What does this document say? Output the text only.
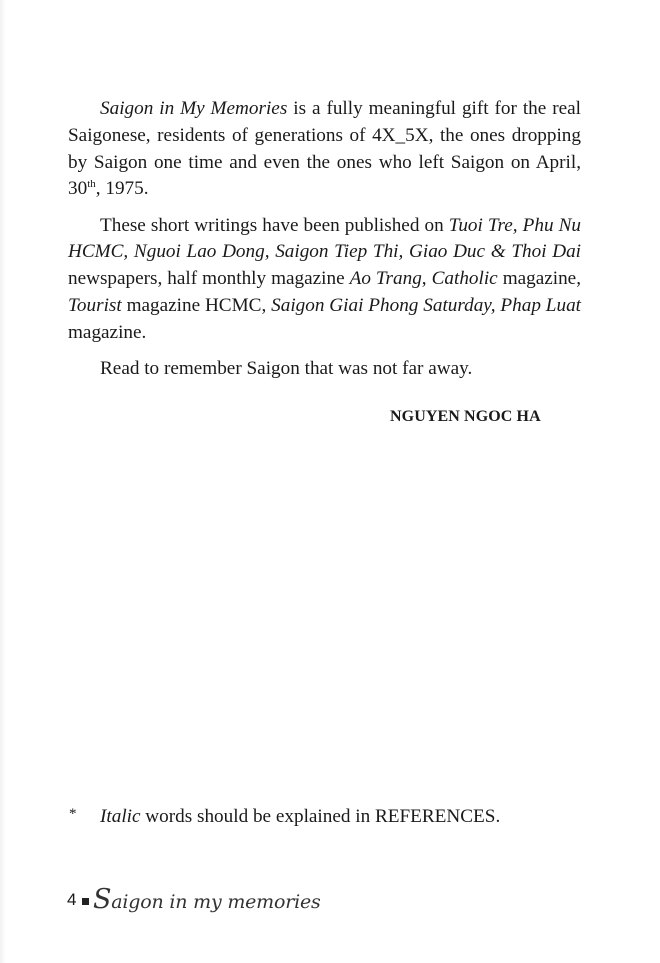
Saigon in My Memories is a fully meaningful gift for the real Saigonese, residents of generations of 4X_5X, the ones dropping by Saigon one time and even the ones who left Saigon on April, 30th, 1975.

These short writings have been published on Tuoi Tre, Phu Nu HCMC, Nguoi Lao Dong, Saigon Tiep Thi, Giao Duc & Thoi Dai newspapers, half monthly magazine Ao Trang, Catholic magazine, Tourist magazine HCMC, Saigon Giai Phong Saturday, Phap Luat magazine.

Read to remember Saigon that was not far away.

NGUYEN NGOC HA
* Italic words should be explained in REFERENCES.
4 Saigon in my memories
